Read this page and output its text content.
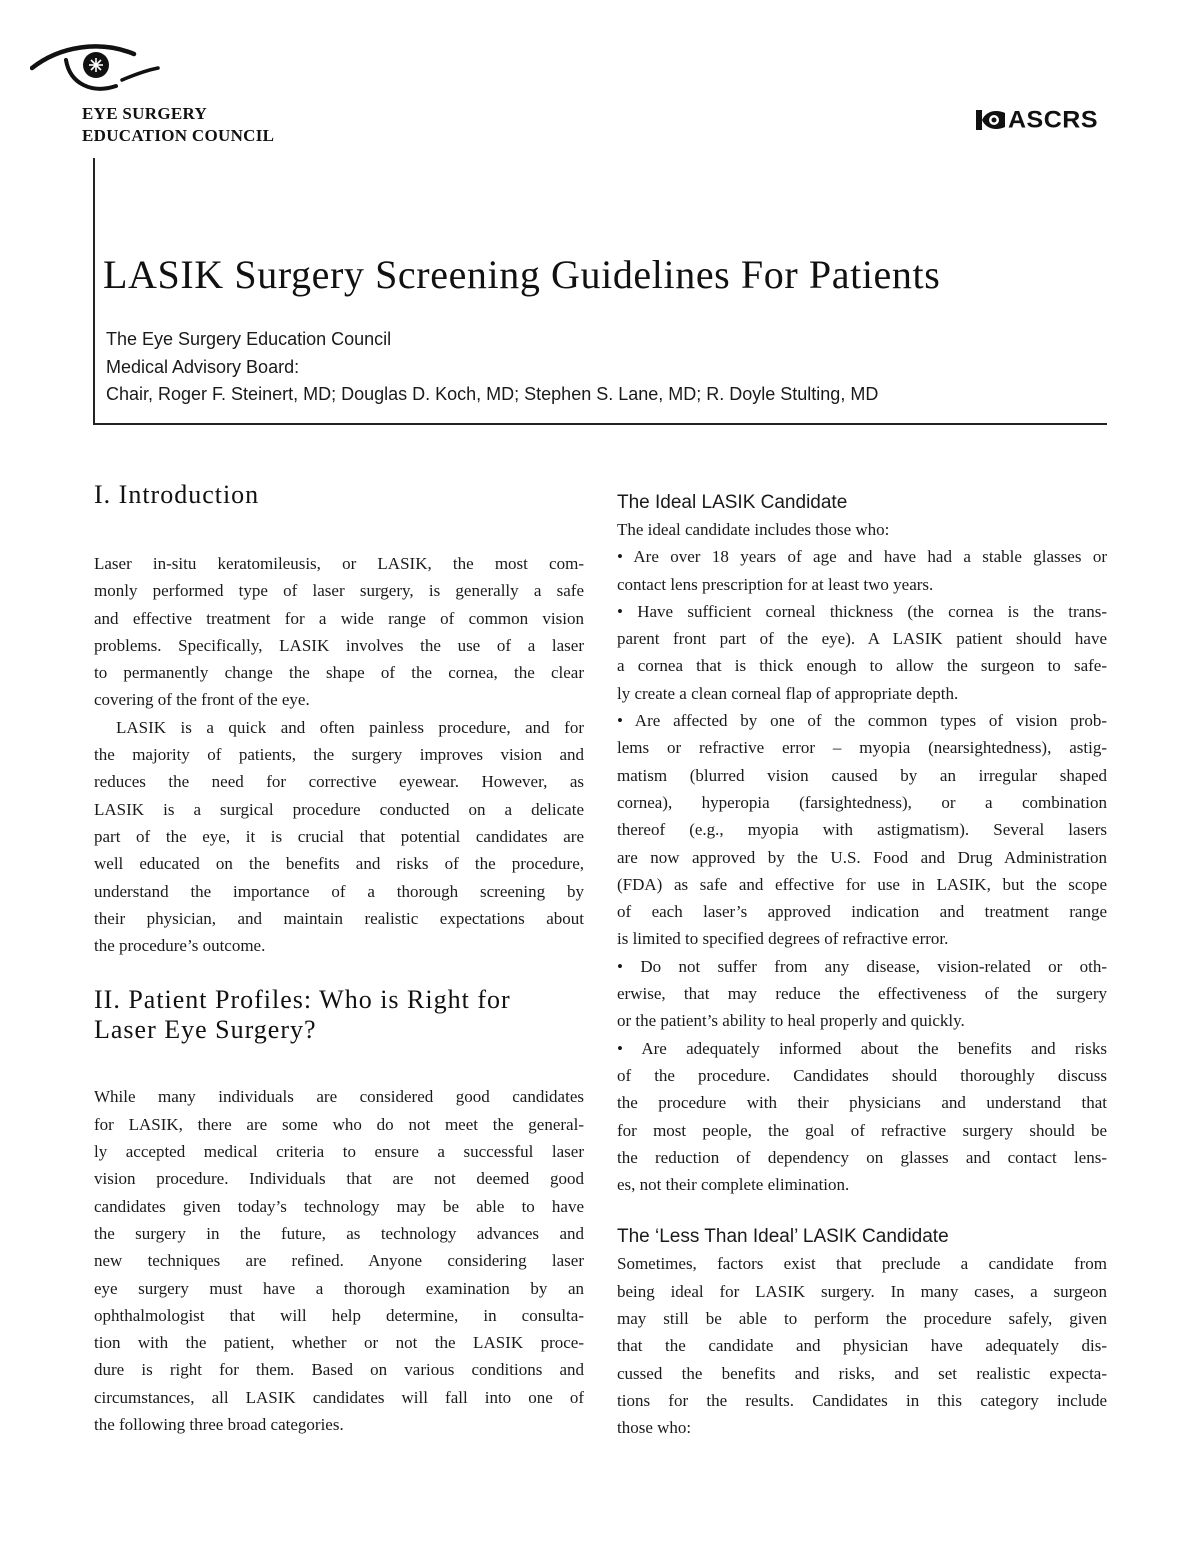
EYE SURGERY
EDUCATION COUNCIL
ASCRS
LASIK Surgery Screening Guidelines For Patients
The Eye Surgery Education Council
Medical Advisory Board:
Chair, Roger F. Steinert, MD; Douglas D. Koch, MD; Stephen S. Lane, MD; R. Doyle Stulting, MD
I. Introduction
Laser in-situ keratomileusis, or LASIK, the most com-
monly performed type of laser surgery, is generally a safe
and effective treatment for a wide range of common vision
problems. Specifically, LASIK involves the use of a laser
to permanently change the shape of the cornea, the clear
covering of the front of the eye.
LASIK is a quick and often painless procedure, and for
the majority of patients, the surgery improves vision and
reduces the need for corrective eyewear. However, as
LASIK is a surgical procedure conducted on a delicate
part of the eye, it is crucial that potential candidates are
well educated on the benefits and risks of the procedure,
understand the importance of a thorough screening by
their physician, and maintain realistic expectations about
the procedure’s outcome.
II. Patient Profiles: Who is Right for
Laser Eye Surgery?
While many individuals are considered good candidates
for LASIK, there are some who do not meet the general-
ly accepted medical criteria to ensure a successful laser
vision procedure. Individuals that are not deemed good
candidates given today’s technology may be able to have
the surgery in the future, as technology advances and
new techniques are refined. Anyone considering laser
eye surgery must have a thorough examination by an
ophthalmologist that will help determine, in consulta-
tion with the patient, whether or not the LASIK proce-
dure is right for them. Based on various conditions and
circumstances, all LASIK candidates will fall into one of
the following three broad categories.
The Ideal LASIK Candidate
The ideal candidate includes those who:
• Are over 18 years of age and have had a stable glasses or
contact lens prescription for at least two years.
• Have sufficient corneal thickness (the cornea is the trans-
parent front part of the eye). A LASIK patient should have
a cornea that is thick enough to allow the surgeon to safe-
ly create a clean corneal flap of appropriate depth.
• Are affected by one of the common types of vision prob-
lems or refractive error – myopia (nearsightedness), astig-
matism (blurred vision caused by an irregular shaped
cornea), hyperopia (farsightedness), or a combination
thereof (e.g., myopia with astigmatism). Several lasers
are now approved by the U.S. Food and Drug Administration
(FDA) as safe and effective for use in LASIK, but the scope
of each laser’s approved indication and treatment range
is limited to specified degrees of refractive error.
• Do not suffer from any disease, vision-related or oth-
erwise, that may reduce the effectiveness of the surgery
or the patient’s ability to heal properly and quickly.
• Are adequately informed about the benefits and risks
of the procedure. Candidates should thoroughly discuss
the procedure with their physicians and understand that
for most people, the goal of refractive surgery should be
the reduction of dependency on glasses and contact lens-
es, not their complete elimination.
The ‘Less Than Ideal’ LASIK Candidate
Sometimes, factors exist that preclude a candidate from
being ideal for LASIK surgery. In many cases, a surgeon
may still be able to perform the procedure safely, given
that the candidate and physician have adequately dis-
cussed the benefits and risks, and set realistic expecta-
tions for the results. Candidates in this category include
those who:
